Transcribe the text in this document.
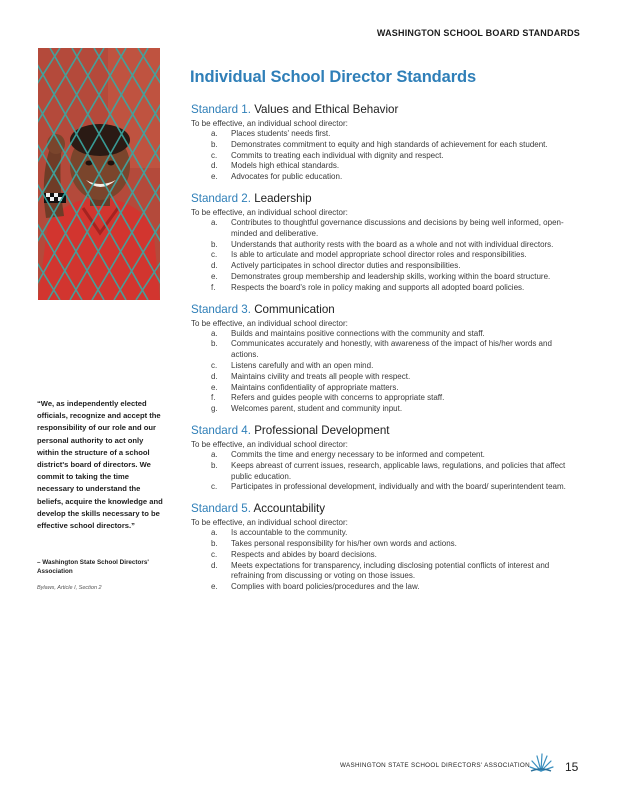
WASHINGTON SCHOOL BOARD STANDARDS
Individual School Director Standards
Standard 1. Values and Ethical Behavior
To be effective, an individual school director:
a.	Places students' needs first.
b.	Demonstrates commitment to equity and high standards of achievement for each student.
c.	Commits to treating each individual with dignity and respect.
d.	Models high ethical standards.
e.	Advocates for public education.
Standard 2. Leadership
To be effective, an individual school director:
a.	Contributes to thoughtful governance discussions and decisions by being well informed, open-minded and deliberative.
b.	Understands that authority rests with the board as a whole and not with individual directors.
c.	Is able to articulate and model appropriate school director roles and responsibilities.
d.	Actively participates in school director duties and responsibilities.
e.	Demonstrates group membership and leadership skills, working within the board structure.
f.	Respects the board's role in policy making and supports all adopted board policies.
Standard 3. Communication
To be effective, an individual school director:
a.	Builds and maintains positive connections with the community and staff.
b.	Communicates accurately and honestly, with awareness of the impact of his/her words and actions.
c.	Listens carefully and with an open mind.
d.	Maintains civility and treats all people with respect.
e.	Maintains confidentiality of appropriate matters.
f.	Refers and guides people with concerns to appropriate staff.
g.	Welcomes parent, student and community input.
Standard 4. Professional Development
To be effective, an individual school director:
a.	Commits the time and energy necessary to be informed and competent.
b.	Keeps abreast of current issues, research, applicable laws, regulations, and policies that affect public education.
c.	Participates in professional development, individually and with the board/ superintendent team.
Standard 5. Accountability
To be effective, an individual school director:
a.	Is accountable to the community.
b.	Takes personal responsibility for his/her own words and actions.
c.	Respects and abides by board decisions.
d.	Meets expectations for transparency, including disclosing potential conflicts of interest and refraining from discussing or voting on those issues.
e.	Complies with board policies/procedures and the law.
“We, as independently elected officials, recognize and accept the responsibility of our role and our personal authority to act only within the structure of a school district's board of directors. We commit to taking the time necessary to understand the beliefs, acquire the knowledge and develop the skills necessary to be effective school directors.”
– Washington State School Directors' Association
Bylaws, Article I, Section 2
WASHINGTON STATE SCHOOL DIRECTORS' ASSOCIATION	15
